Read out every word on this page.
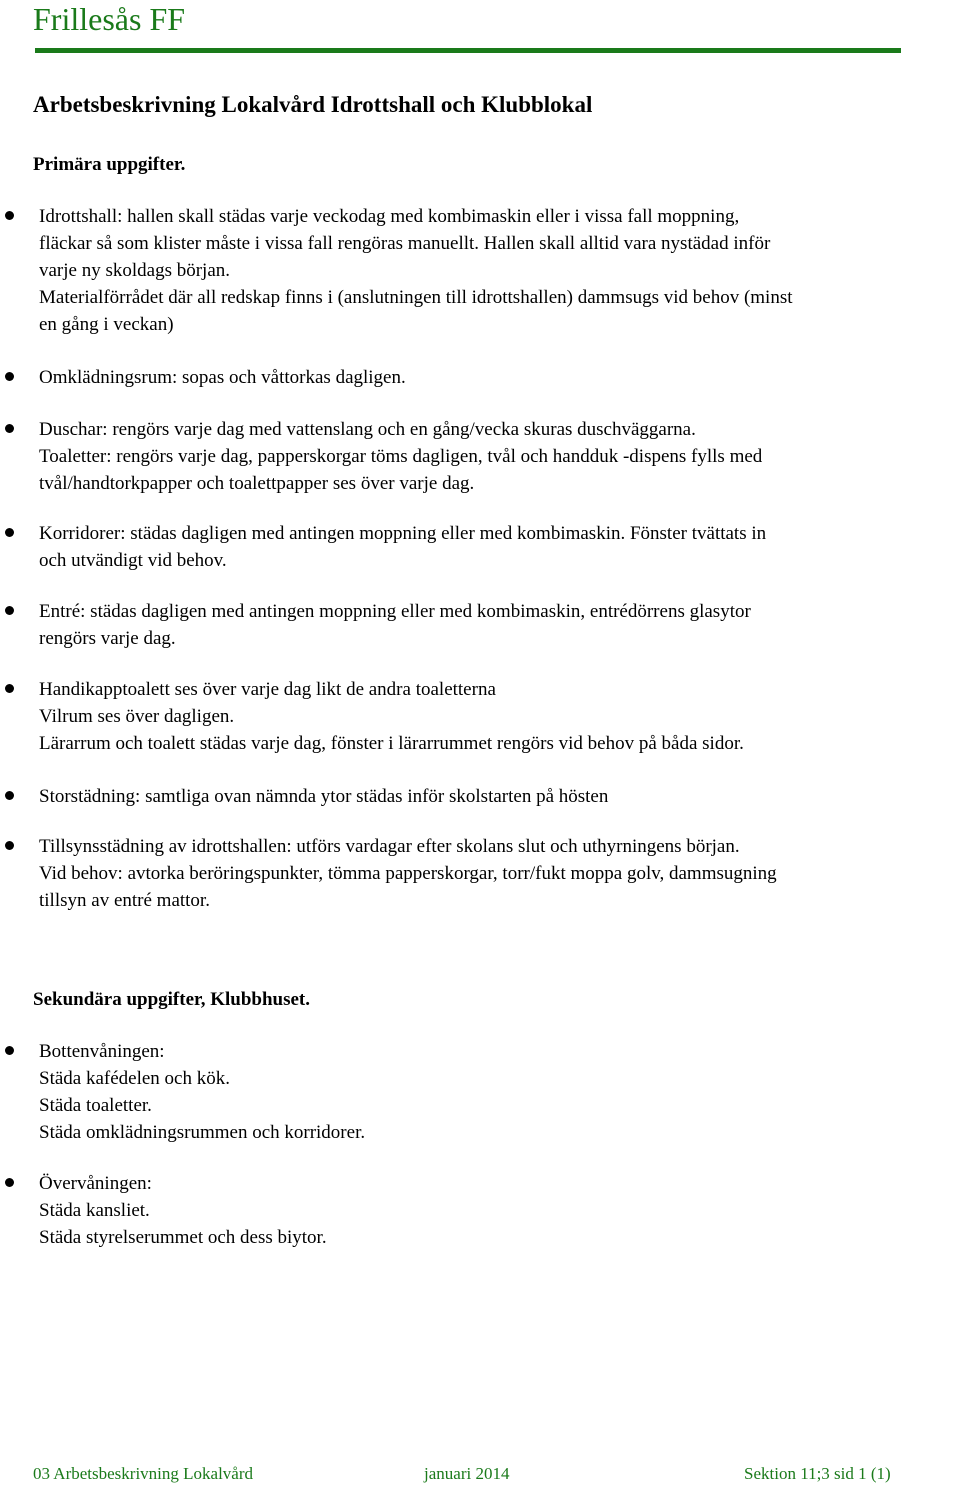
Frillesås FF
Arbetsbeskrivning Lokalvård Idrottshall och Klubblokal
Primära uppgifter.
Idrottshall: hallen skall städas varje veckodag med kombimaskin eller i vissa fall moppning,
fläckar så som klister måste i vissa fall rengöras manuellt. Hallen skall alltid vara nystädad inför
varje ny skoldags början.
Materialförrådet där all redskap finns i (anslutningen till idrottshallen) dammsugs vid behov (minst
en gång i veckan)
Omklädningsrum: sopas och våttorkas dagligen.
Duschar: rengörs varje dag med vattenslang och en gång/vecka skuras duschväggarna.
Toaletter: rengörs varje dag, papperskorgar töms dagligen, tvål och handduk -dispens fylls med
tvål/handtorkpapper och toalettpapper ses över varje dag.
Korridorer: städas dagligen med antingen moppning eller med kombimaskin. Fönster tvättats in
och utvändigt vid behov.
Entré: städas dagligen med antingen moppning eller med kombimaskin, entrédörrens glasytor
rengörs varje dag.
Handikapptoalett ses över varje dag likt de andra toaletterna
Vilrum ses över dagligen.
Lärarrum och toalett städas varje dag, fönster i lärarrummet rengörs vid behov på båda sidor.
Storstädning: samtliga ovan nämnda ytor städas inför skolstarten på hösten
Tillsynsstädning av idrottshallen: utförs vardagar efter skolans slut och uthyrningens början.
Vid behov: avtorka beröringspunkter, tömma papperskorgar, torr/fukt moppa golv, dammsugning
tillsyn av entré mattor.
Sekundära uppgifter, Klubbhuset.
Bottenvåningen:
Städa kafédelen och kök.
Städa toaletter.
Städa omklädningsrummen och korridorer.
Övervåningen:
Städa kansliet.
Städa styrelserummet och dess biytor.
03 Arbetsbeskrivning Lokalvård	januari 2014	Sektion 11;3 sid 1 (1)
